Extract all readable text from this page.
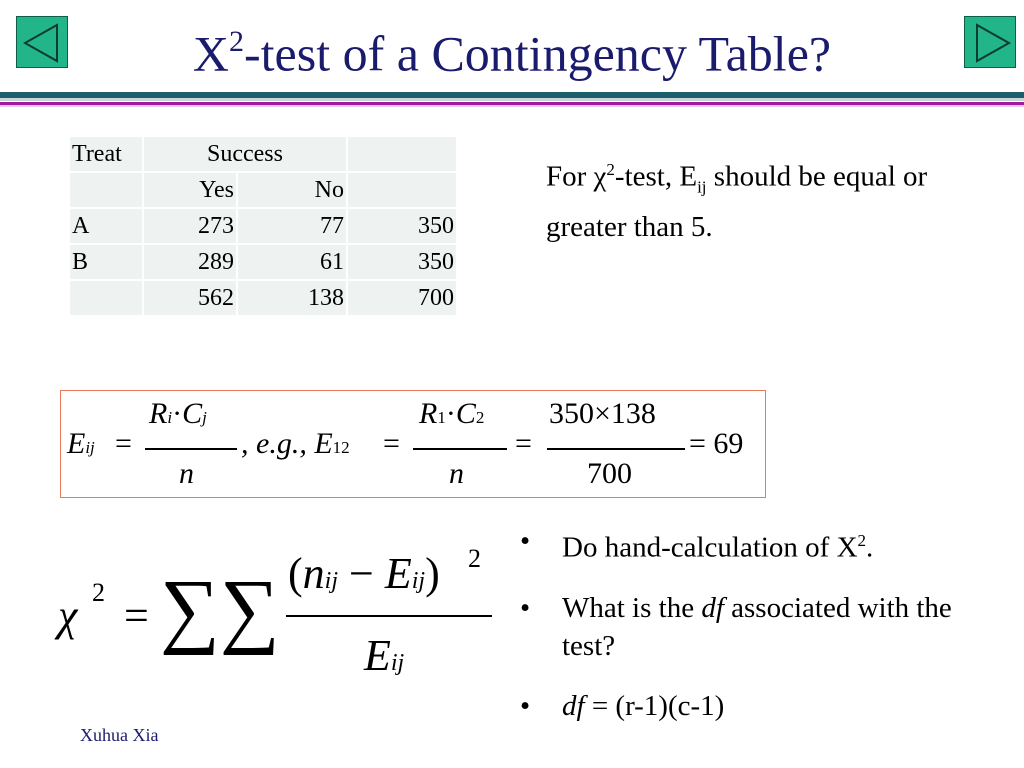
$X^2$-test of a Contingency Table?
Treat	Success		
	Yes	No	
A	273	77	350
B	289	61	350
	562	138	700
For $\chi^2$-test, $E_{ij}$ should be equal or greater than 5.
Eij =
Ri·Cj
n
, e.g., E12 =
R1·C2
n
=
350×138
700
= 69
χ 2 = ∑∑ (nij − Eij) 2
Eij
• Do hand-calculation of $X^2$.
• What is the df associated with the test?
• df = (r-1)(c-1)
Xuhua Xia
